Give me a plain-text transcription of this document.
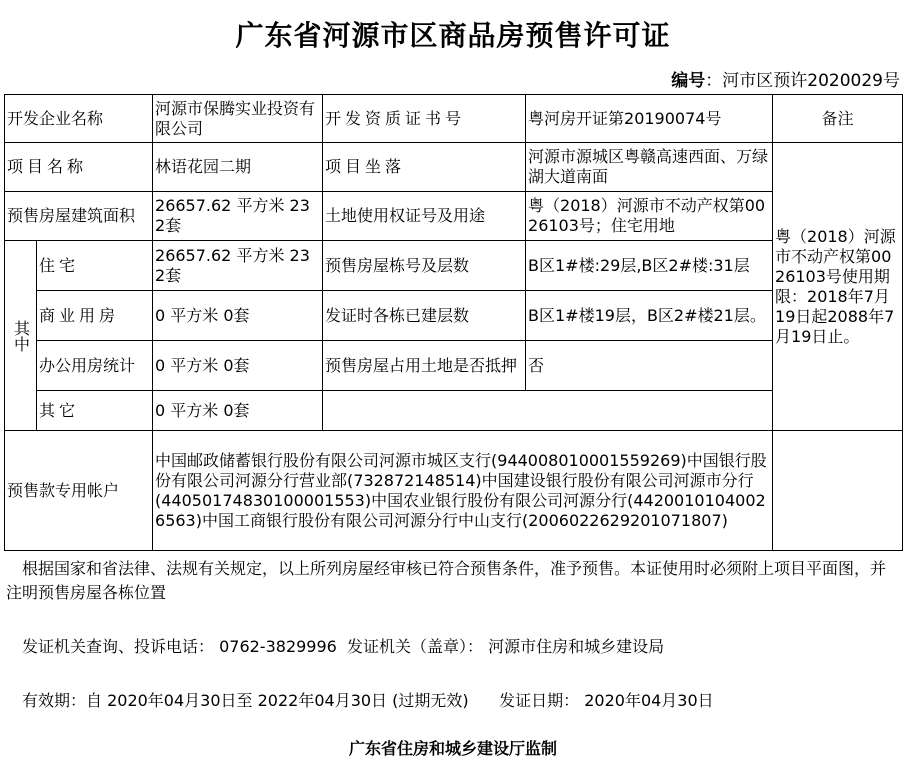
广东省河源市区商品房预售许可证
编号：河市区预许2020029号
开发企业名称		河源市保腾实业投资有限公司	开发资质证书号	粤河房开证第20190074号	备注
项目名称		林语花园二期	项目坐落	河源市源城区粤赣高速西面、万绿湖大道南面	粤（2018）河源市不动产权第0026103号使用期限：2018年7月19日起2088年7月19日止。
预售房屋建筑面积		26657.62 平方米 232套	土地使用权证号及用途	粤（2018）河源市不动产权第0026103号；住宅用地	
其中	住宅	26657.62 平方米 232套	预售房屋栋号及层数	B区1#楼:29层,B区2#楼:31层	
	商业用房	0 平方米 0套	发证时各栋已建层数	B区1#楼19层，B区2#楼21层。	
	办公用房统计	0 平方米 0套	预售房屋占用土地是否抵押	否	
	其它	0 平方米 0套			
预售款专用帐户		中国邮政储蓄银行股份有限公司河源市城区支行(944008010001559269)中国银行股份有限公司河源分行营业部(732872148514)中国建设银行股份有限公司河源市分行(44050174830100001553)中国农业银行股份有限公司河源分行(44200101040026563)中国工商银行股份有限公司河源分行中山支行(2006022629201071807)			
根据国家和省法律、法规有关规定，以上所列房屋经审核已符合预售条件，准予预售。本证使用时必须附上项目平面图，并注明预售房屋各栋位置
发证机关查询、投诉电话： 0762-3829996  发证机关（盖章）： 河源市住房和城乡建设局
有效期：自 2020年04月30日至 2022年04月30日 (过期无效)      发证日期： 2020年04月30日
广东省住房和城乡建设厅监制
